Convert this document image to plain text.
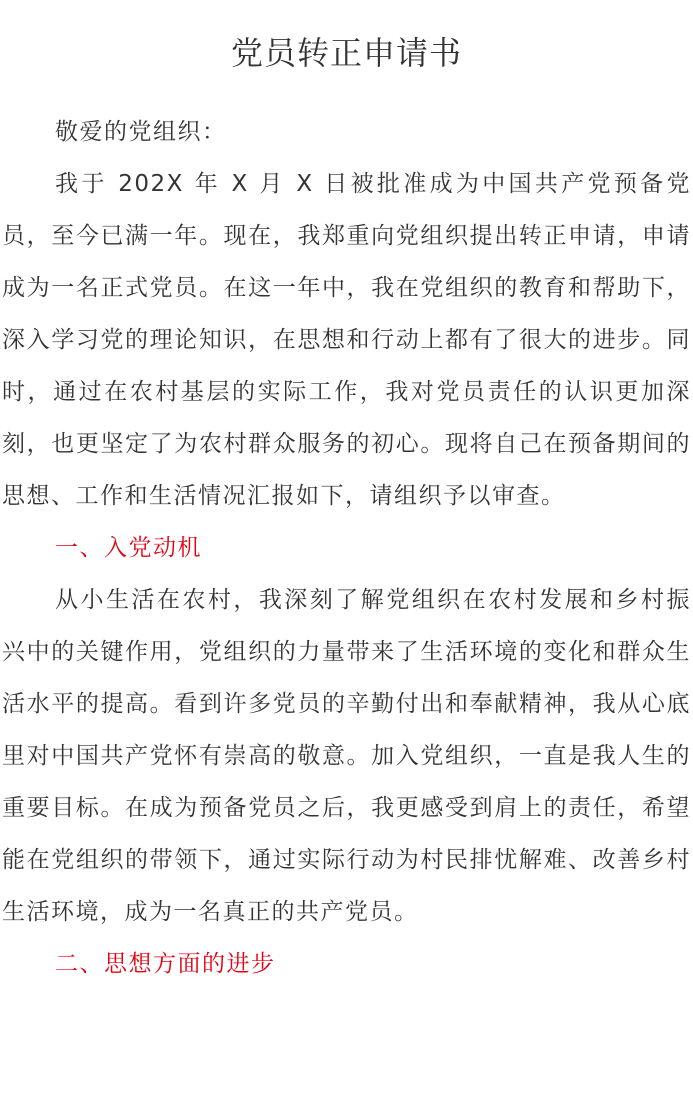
党员转正申请书

敬爱的党组织：

我于 202X 年 X 月 X 日被批准成为中国共产党预备党员，至今已满一年。现在，我郑重向党组织提出转正申请，申请成为一名正式党员。在这一年中，我在党组织的教育和帮助下，深入学习党的理论知识，在思想和行动上都有了很大的进步。同时，通过在农村基层的实际工作，我对党员责任的认识更加深刻，也更坚定了为农村群众服务的初心。现将自己在预备期间的思想、工作和生活情况汇报如下，请组织予以审查。

一、入党动机

从小生活在农村，我深刻了解党组织在农村发展和乡村振兴中的关键作用，党组织的力量带来了生活环境的变化和群众生活水平的提高。看到许多党员的辛勤付出和奉献精神，我从心底里对中国共产党怀有崇高的敬意。加入党组织，一直是我人生的重要目标。在成为预备党员之后，我更感受到肩上的责任，希望能在党组织的带领下，通过实际行动为村民排忧解难、改善乡村生活环境，成为一名真正的共产党员。

二、思想方面的进步
